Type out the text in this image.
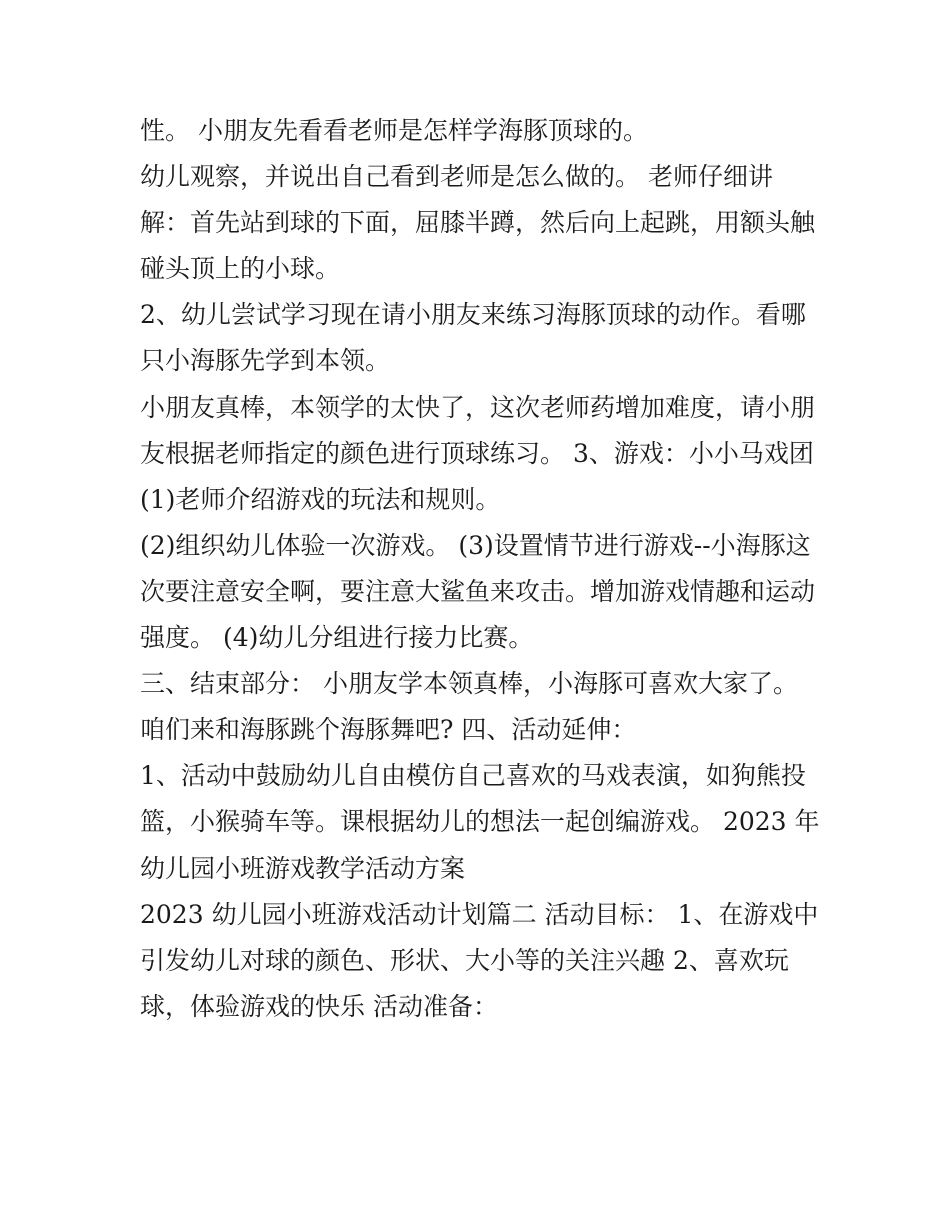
性。 小朋友先看看老师是怎样学海豚顶球的。
幼儿观察，并说出自己看到老师是怎么做的。 老师仔细讲
解：首先站到球的下面，屈膝半蹲，然后向上起跳，用额头触
碰头顶上的小球。
2、幼儿尝试学习现在请小朋友来练习海豚顶球的动作。看哪
只小海豚先学到本领。
小朋友真棒，本领学的太快了，这次老师药增加难度，请小朋
友根据老师指定的颜色进行顶球练习。 3、游戏：小小马戏团
(1)老师介绍游戏的玩法和规则。
(2)组织幼儿体验一次游戏。 (3)设置情节进行游戏--小海豚这
次要注意安全啊，要注意大鲨鱼来攻击。增加游戏情趣和运动
强度。 (4)幼儿分组进行接力比赛。
三、结束部分： 小朋友学本领真棒，小海豚可喜欢大家了。
咱们来和海豚跳个海豚舞吧? 四、活动延伸：
1、活动中鼓励幼儿自由模仿自己喜欢的马戏表演，如狗熊投
篮，小猴骑车等。课根据幼儿的想法一起创编游戏。 2023 年
幼儿园小班游戏教学活动方案
2023 幼儿园小班游戏活动计划篇二 活动目标： 1、在游戏中
引发幼儿对球的颜色、形状、大小等的关注兴趣 2、喜欢玩
球，体验游戏的快乐 活动准备：
